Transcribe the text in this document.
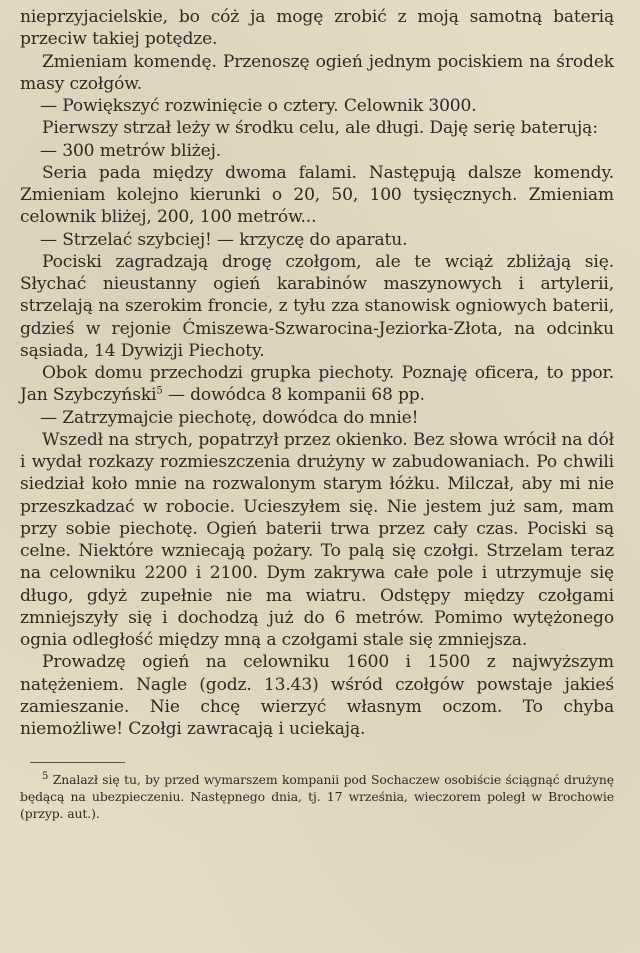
nieprzyjacielskie, bo cóż ja mogę zrobić z moją samotną baterią przeciw takiej potędze.

Zmieniam komendę. Przenoszę ogień jednym pociskiem na środek masy czołgów.

— Powiększyć rozwinięcie o cztery. Celownik 3000.

Pierwszy strzał leży w środku celu, ale długi. Daję serię baterują:

— 300 metrów bliżej.

Seria pada między dwoma falami. Następują dalsze komendy. Zmieniam kolejno kierunki o 20, 50, 100 tysięcznych. Zmieniam celownik bliżej, 200, 100 metrów...

— Strzelać szybciej! — krzyczę do aparatu.

Pociski zagradzają drogę czołgom, ale te wciąż zbliżają się. Słychać nieustanny ogień karabinów maszynowych i artylerii, strzelają na szerokim froncie, z tyłu zza stanowisk ogniowych baterii, gdzieś w rejonie Ćmiszewa-Szwarocina-Jeziorka-Złota, na odcinku sąsiada, 14 Dywizji Piechoty.

Obok domu przechodzi grupka piechoty. Poznaję oficera, to ppor. Jan Szybczyński$^5$ — dowódca 8 kompanii 68 pp.

— Zatrzymajcie piechotę, dowódca do mnie!

Wszedł na strych, popatrzył przez okienko. Bez słowa wrócił na dół i wydał rozkazy rozmieszczenia drużyny w zabudowaniach. Po chwili siedział koło mnie na rozwalonym starym łóżku. Milczał, aby mi nie przeszkadzać w robocie. Ucieszyłem się. Nie jestem już sam, mam przy sobie piechotę. Ogień baterii trwa przez cały czas. Pociski są celne. Niektóre wzniecają pożary. To palą się czołgi. Strzelam teraz na celowniku 2200 i 2100. Dym zakrywa całe pole i utrzymuje się długo, gdyż zupełnie nie ma wiatru. Odstępy między czołgami zmniejszyły się i dochodzą już do 6 metrów. Pomimo wytężonego ognia odległość między mną a czołgami stale się zmniejsza.

Prowadzę ogień na celowniku 1600 i 1500 z najwyższym natężeniem. Nagle (godz. 13.43) wśród czołgów powstaje jakieś zamieszanie. Nie chcę wierzyć własnym oczom. To chyba niemożliwe! Czołgi zawracają i uciekają.

$^5$ Znalazł się tu, by przed wymarszem kompanii pod Sochaczew osobiście ściągnąć drużynę będącą na ubezpieczeniu. Następnego dnia, tj. 17 września, wieczorem poległ w Brochowie (przyp. aut.).
